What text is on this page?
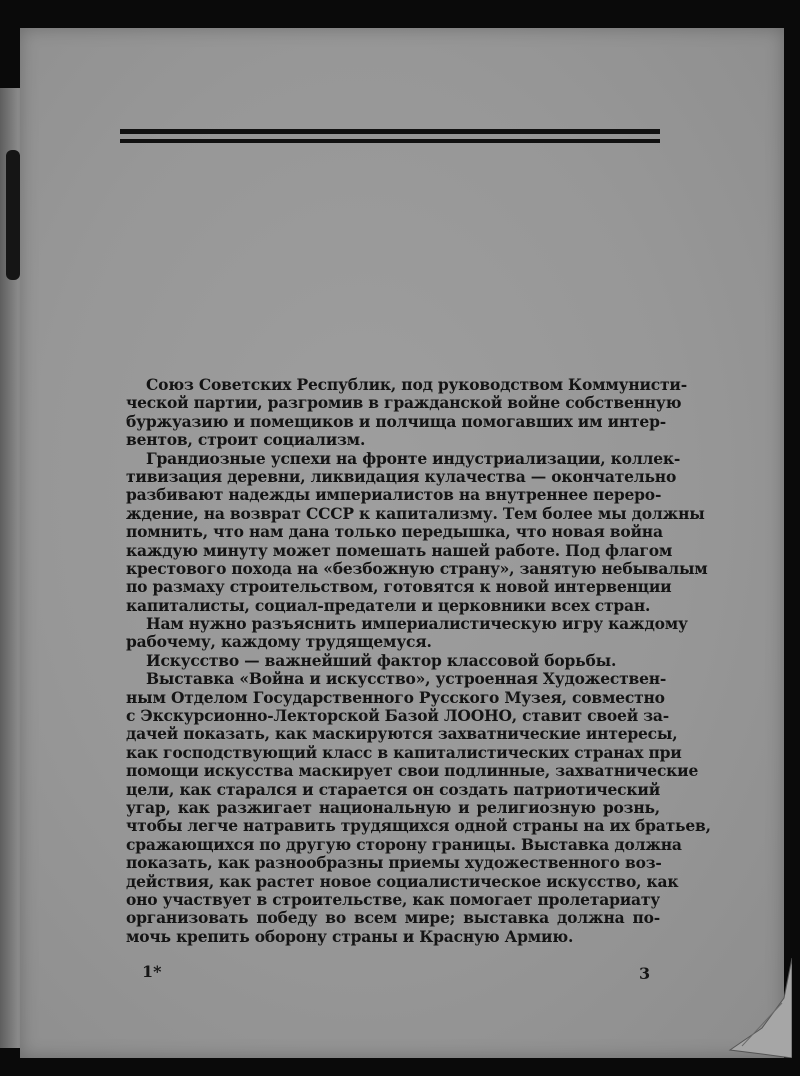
Союз Советских Республик, под руководством Коммунисти-
ческой партии, разгромив в гражданской войне собственную
буржуазию и помещиков и полчища помогавших им интер-
вентов, строит социализм.
Грандиозные успехи на фронте индустриализации, коллек-
тивизация деревни, ликвидация кулачества — окончательно
разбивают надежды империалистов на внутреннее перерo-
ждение, на возврат СССР к капитализму. Тем более мы должны
помнить, что нам дана только передышка, что новая война
каждую минуту может помешать нашей работе. Под флагом
крестового похода на «безбожную страну», занятую небывалым
по размаху строительством, готовятся к новой интервенции
капиталисты, социал-предатели и церковники всех стран.
Нам нужно разъяснить империалистическую игру каждому
рабочему, каждому трудящемуся.
Искусство — важнейший фактор классовой борьбы.
Выставка «Война и искусство», устроенная Художествен-
ным Отделом Государственного Русского Музея, совместно
с Экскурсионно-Лекторской Базой ЛООНО, ставит своей за-
дачей показать, как маскируются захватнические интересы,
как господствующий класс в капиталистических странах при
помощи искусства маскирует свои подлинные, захватнические
цели, как старался и старается он создать патриотический
угар, как разжигает национальную и религиозную рознь,
чтобы легче натравить трудящихся одной страны на их братьев,
сражающихся по другую сторону границы. Выставка должна
показать, как разнообразны приемы художественного воз-
действия, как растет новое социалистическое искусство, как
оно участвует в строительстве, как помогает пролетариату
организовать победу во всем мире; выставка должна по-
мочь крепить оборону страны и Красную Армию.
1*	3
